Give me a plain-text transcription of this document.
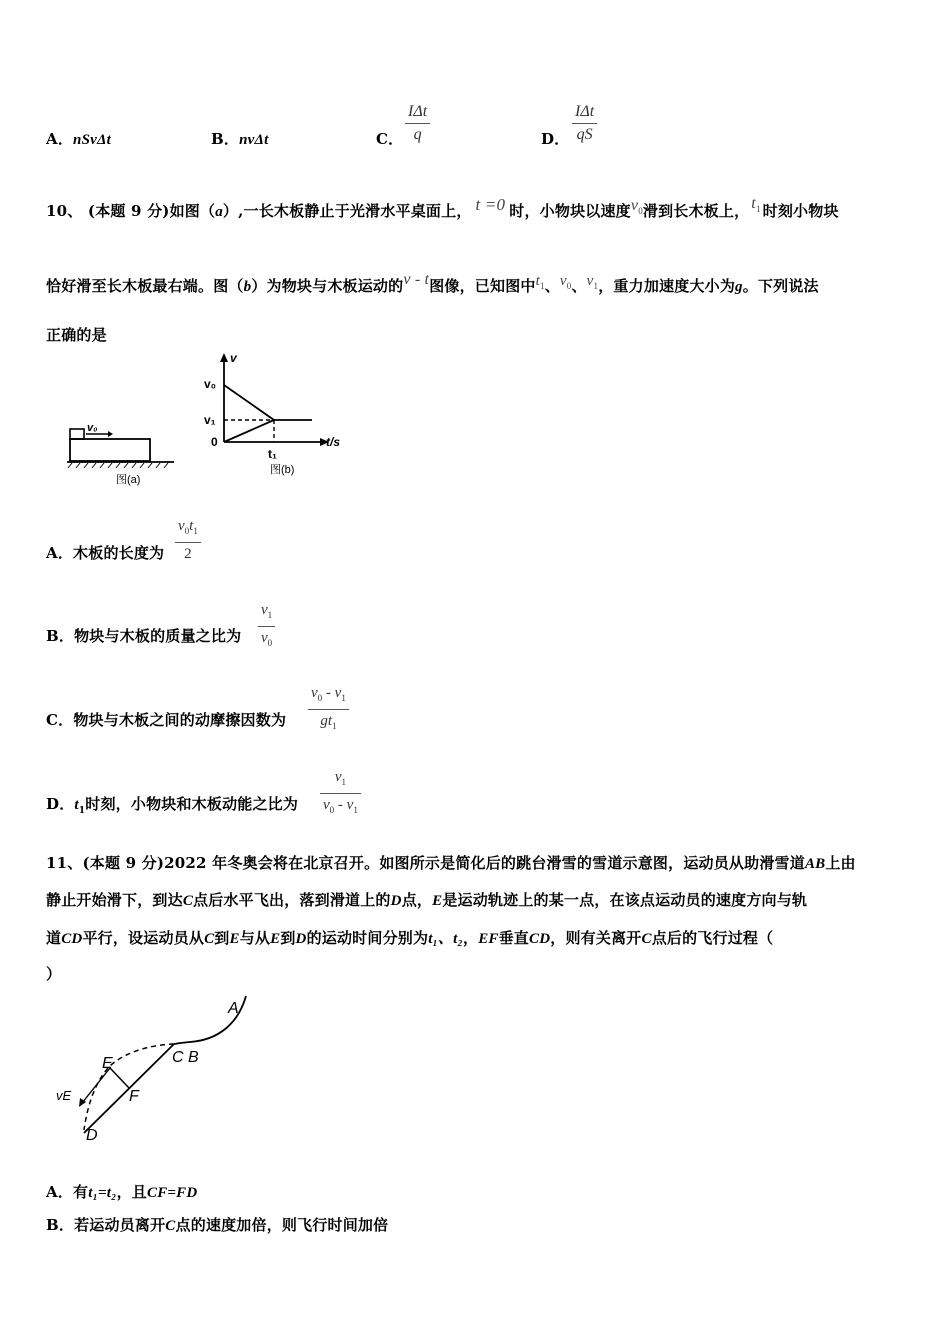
A．nSvΔt	B．nvΔt	C．
IΔt
q	D．
IΔt
qS
10、 (本题 9 分)如图（a）,一长木板静止于光滑水平桌面上， t =0 时，小物块以速度$v_0$滑到长木板上， $t_1$ 时刻小物块
恰好滑至长木板最右端。图（b）为物块与木板运动的v - t图像，已知图中$t_1$、$v_0$、$v_1$，重力加速度大小为g。下列说法
正确的是
v₀
图(a)
v
v₀
v₁
0
t₁
t/s
图(b)
A．木板的长度为
$v_0t_1$
2
B．物块与木板的质量之比为
$v_1$
$v_0$
C．物块与木板之间的动摩擦因数为
$v_0 - v_1$
$gt_1$
D．$t_1$时刻，小物块和木板动能之比为
$v_1$
$v_0 - v_1$
11、(本题 9 分)2022 年冬奥会将在北京召开。如图所示是简化后的跳台滑雪的雪道示意图，运动员从助滑雪道AB上由
静止开始滑下，到达C点后水平飞出，落到滑道上的D点，E是运动轨迹上的某一点，在该点运动员的速度方向与轨
道CD平行，设运动员从C到E与从E到D的运动时间分别为t₁、t₂，EF垂直CD，则有关离开C点后的飞行过程（
）
A
C B
E
F
D
vE
A．有t₁=t₂，且CF=FD
B．若运动员离开C点的速度加倍，则飞行时间加倍
